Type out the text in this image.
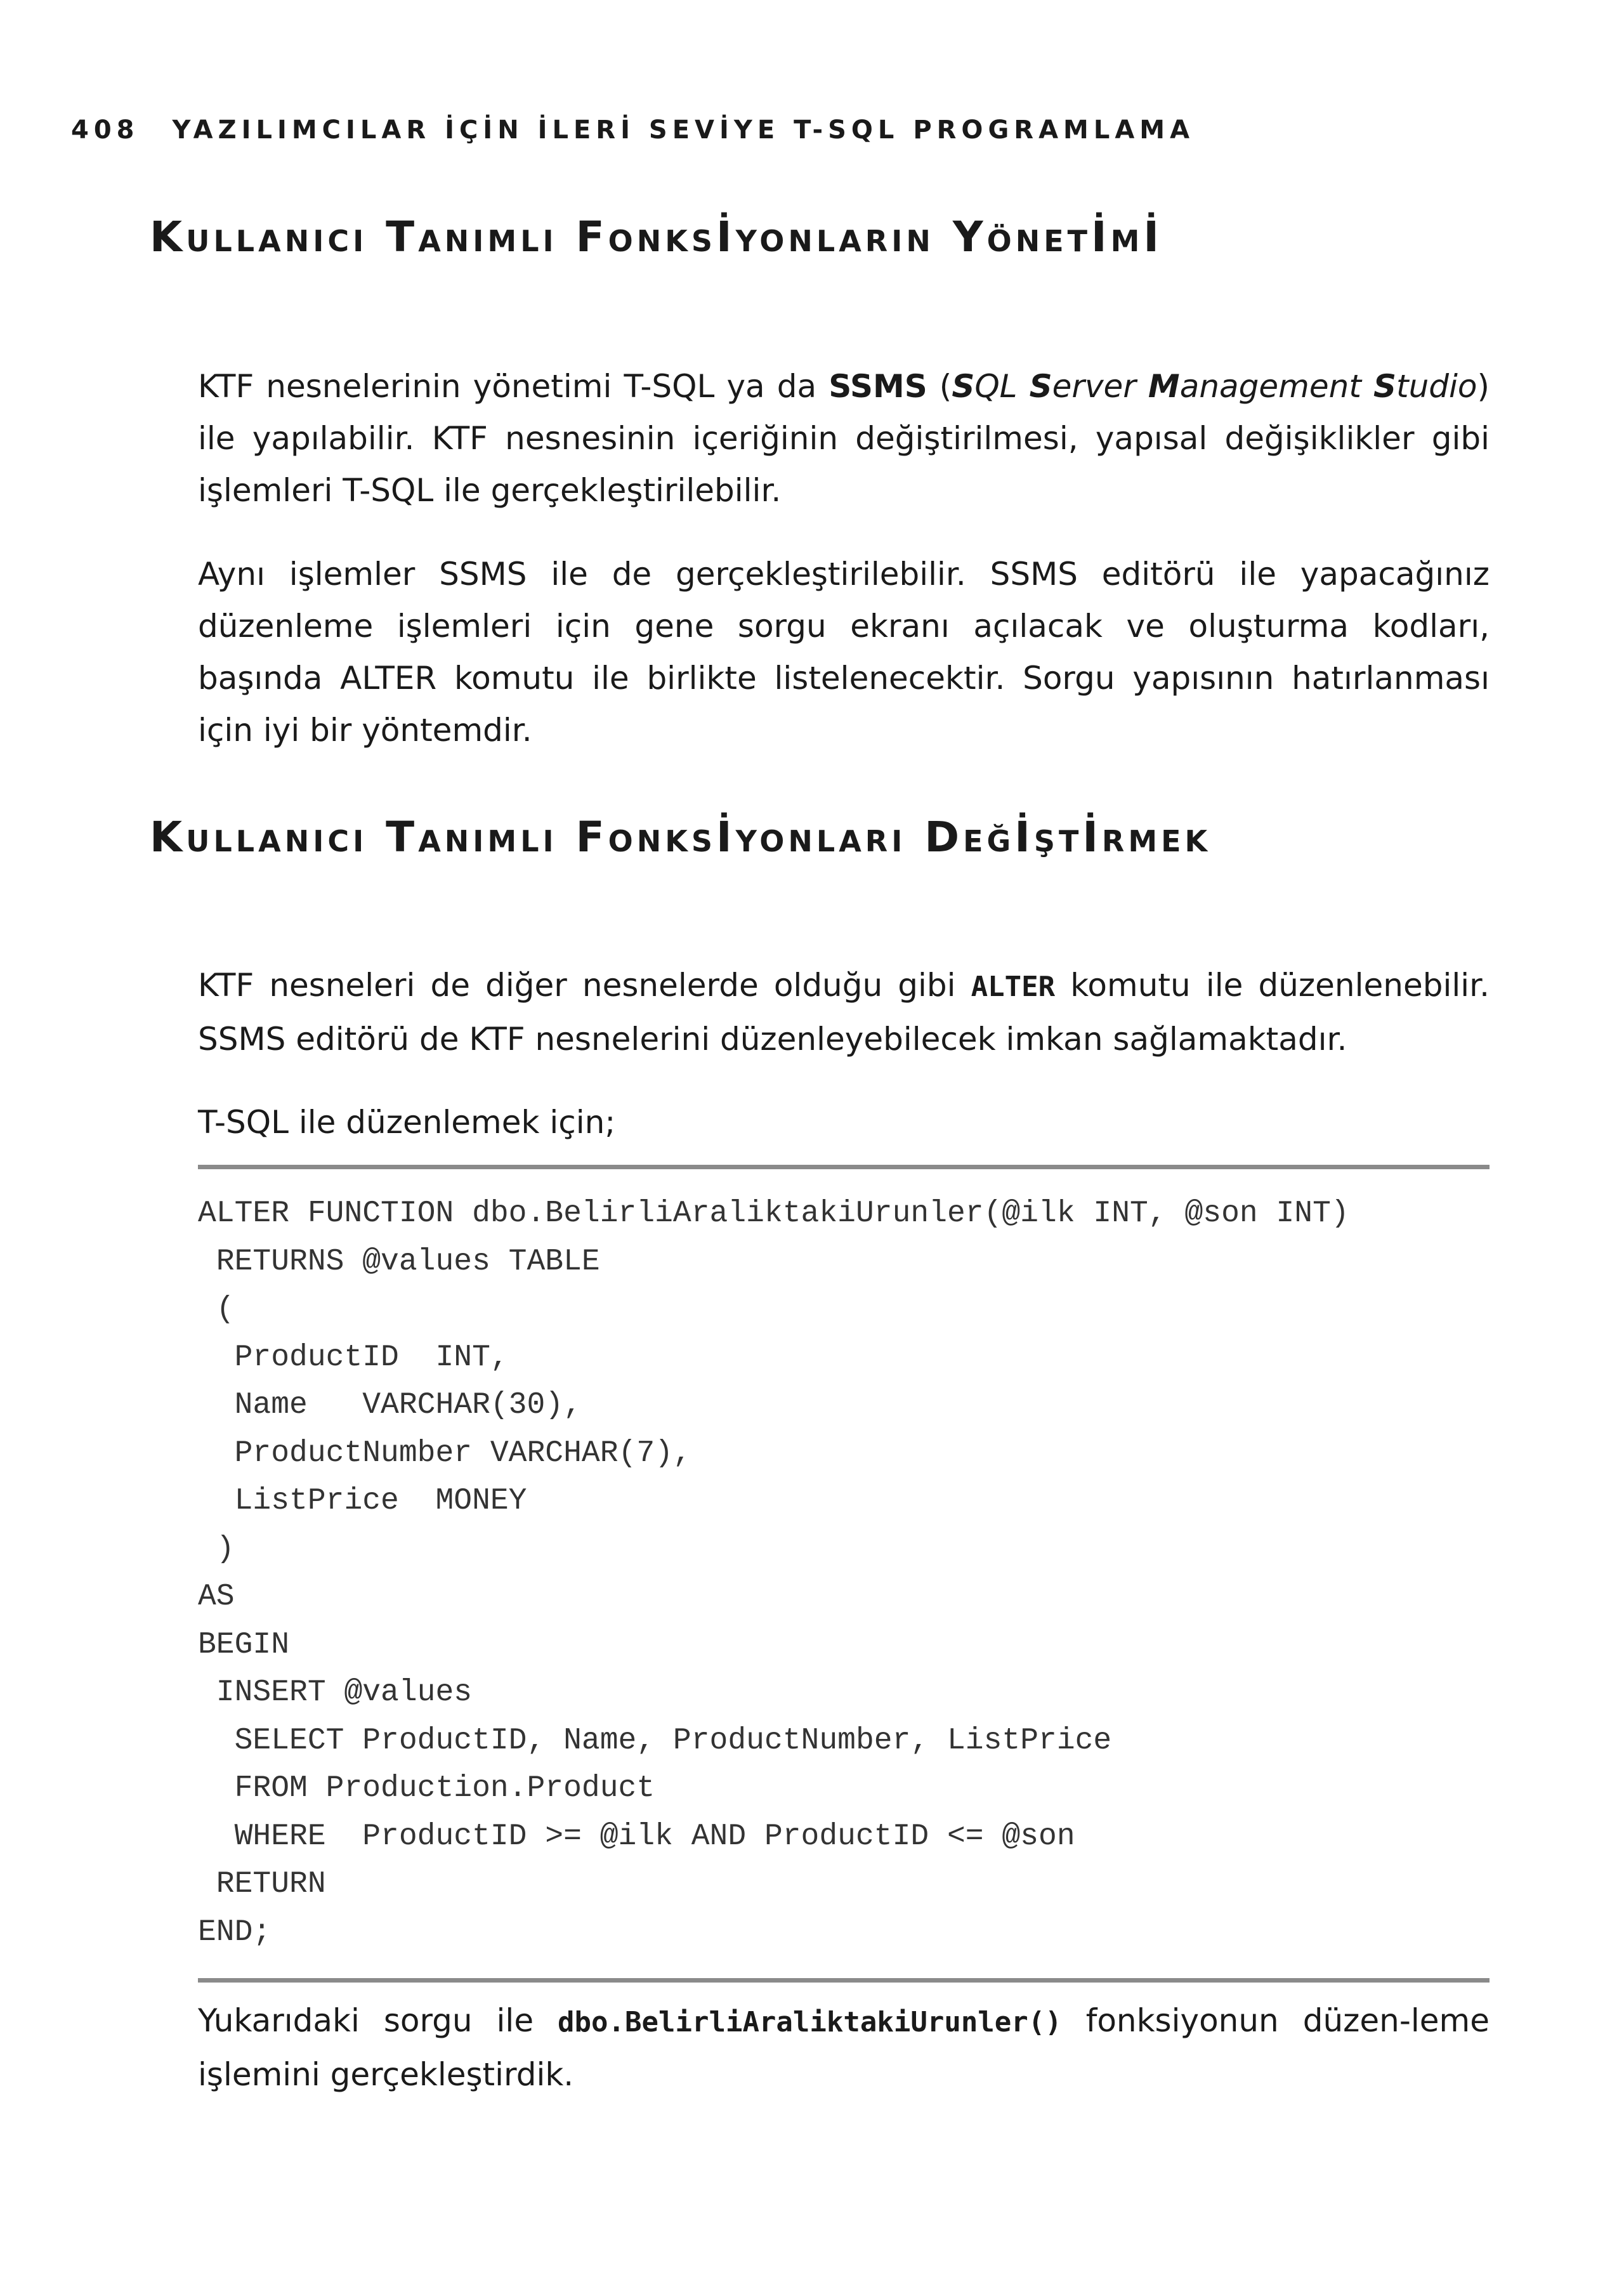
408 YAZILIMCILAR İÇİN İLERİ SEVİYE T-SQL PROGRAMLAMA
Kullanıcı Tanımlı Fonksİyonların Yönetİmİ

KTF nesnelerinin yönetimi T-SQL ya da SSMS (SQL Server Management Studio) ile yapılabilir. KTF nesnesinin içeriğinin değiştirilmesi, yapısal değişiklikler gibi işlemleri T-SQL ile gerçekleştirilebilir.

Aynı işlemler SSMS ile de gerçekleştirilebilir. SSMS editörü ile yapacağınız düzenleme işlemleri için gene sorgu ekranı açılacak ve oluşturma kodları, başında ALTER komutu ile birlikte listelenecektir. Sorgu yapısının hatırlanması için iyi bir yöntemdir.

Kullanıcı Tanımlı Fonksİyonları Değİştİrmek

KTF nesneleri de diğer nesnelerde olduğu gibi ALTER komutu ile düzenlenebilir. SSMS editörü de KTF nesnelerini düzenleyebilecek imkan sağlamaktadır.

T-SQL ile düzenlemek için;

ALTER FUNCTION dbo.BelirliAraliktakiUrunler(@ilk INT, @son INT)
RETURNS @values TABLE
(
ProductID  INT,
Name   VARCHAR(30),
ProductNumber VARCHAR(7),
ListPrice  MONEY
)
AS
BEGIN
INSERT @values
SELECT ProductID, Name, ProductNumber, ListPrice
FROM Production.Product
WHERE  ProductID >= @ilk AND ProductID <= @son
RETURN
END;

Yukarıdaki sorgu ile dbo.BelirliAraliktakiUrunler() fonksiyonun düzen-leme işlemini gerçekleştirdik.
